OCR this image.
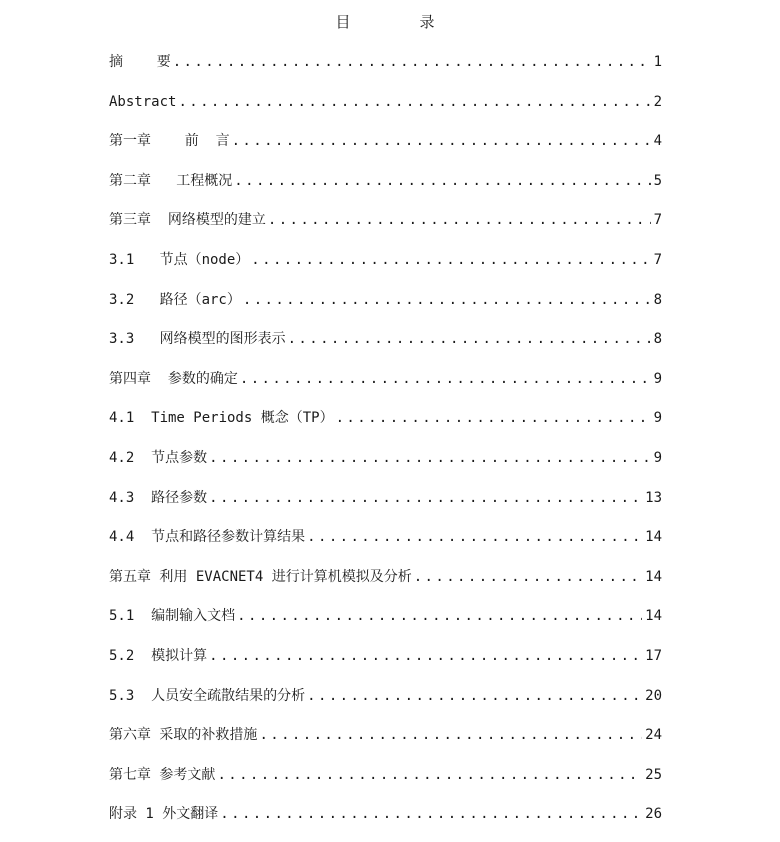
目 录
摘    要 .....	1
Abstract .....	2
第一章    前  言 .....	4
第二章   工程概况 .....	5
第三章  网络模型的建立 .....	7
3.1   节点（node） .....	7
3.2   路径（arc） .....	8
3.3   网络模型的图形表示 .....	8
第四章  参数的确定 .....	9
4.1  Time Periods 概念（TP） .....	9
4.2  节点参数 .....	9
4.3  路径参数 .....	13
4.4  节点和路径参数计算结果 .....	14
第五章 利用 EVACNET4 进行计算机模拟及分析 .....	14
5.1  编制输入文档 .....	14
5.2  模拟计算 .....	17
5.3  人员安全疏散结果的分析 .....	20
第六章 采取的补救措施 .....	24
第七章 参考文献 .....	25
附录 1 外文翻译 .....	26
